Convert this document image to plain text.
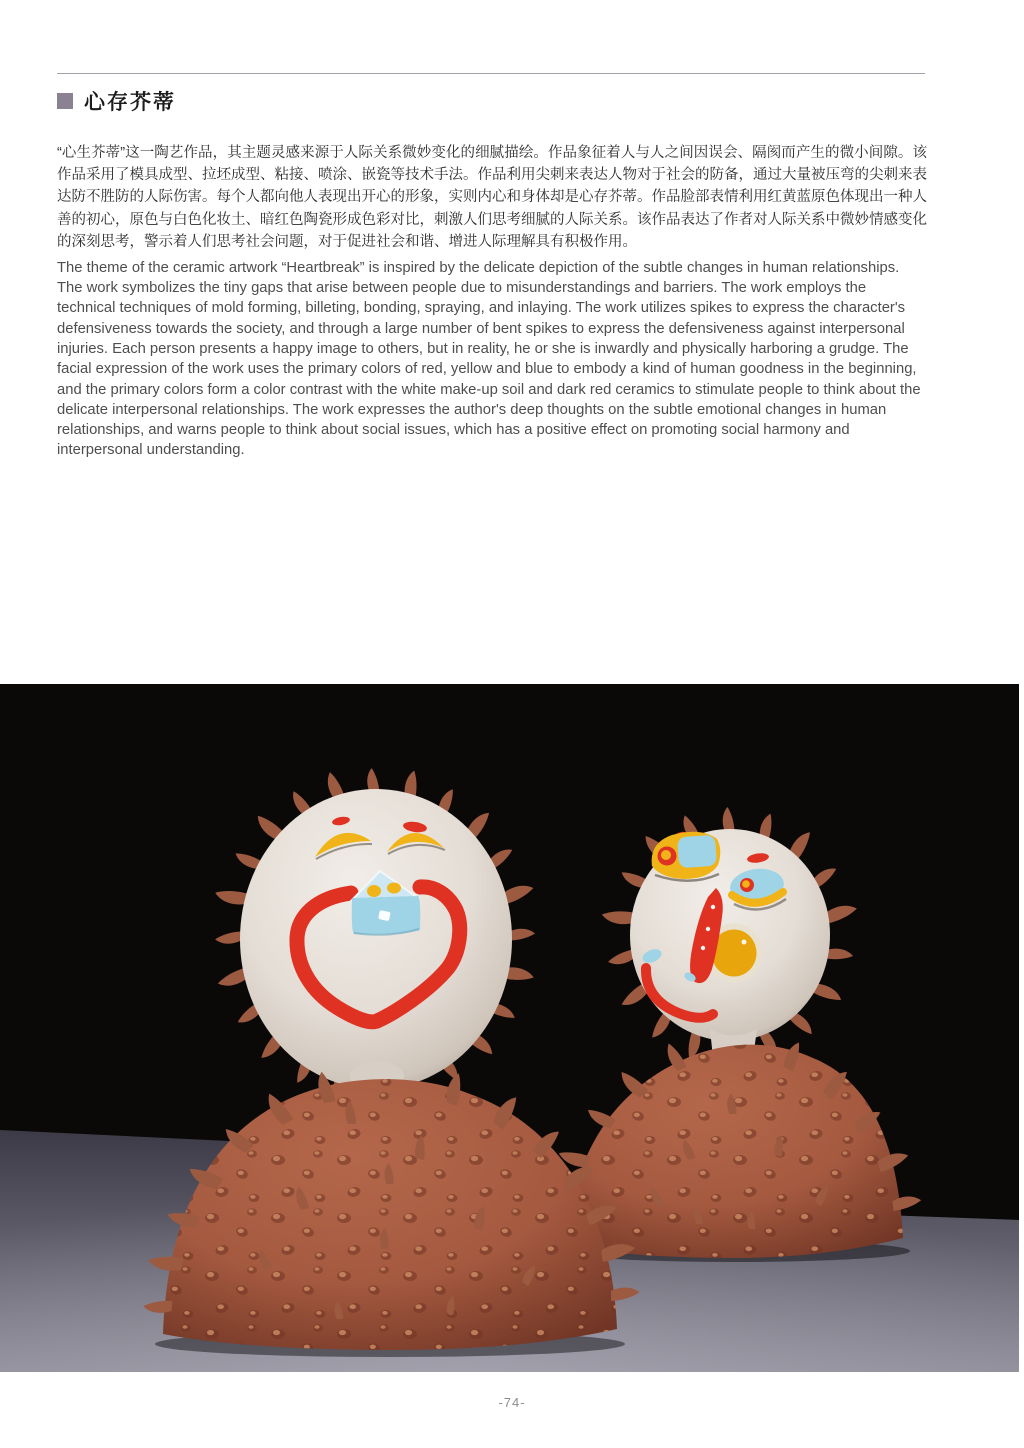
心存芥蒂

“心生芥蒂”这一陶艺作品，其主题灵感来源于人际关系微妙变化的细腻描绘。作品象征着人与人之间因误会、隔阂而产生的微小间隙。该作品采用了模具成型、拉坯成型、粘接、喷涂、嵌瓷等技术手法。作品利用尖刺来表达人物对于社会的防备，通过大量被压弯的尖刺来表达防不胜防的人际伤害。每个人都向他人表现出开心的形象，实则内心和身体却是心存芥蒂。作品脸部表情利用红黄蓝原色体现出一种人善的初心，原色与白色化妆土、暗红色陶瓷形成色彩对比，刺激人们思考细腻的人际关系。该作品表达了作者对人际关系中微妙情感变化的深刻思考，警示着人们思考社会问题，对于促进社会和谐、增进人际理解具有积极作用。

The theme of the ceramic artwork “Heartbreak” is inspired by the delicate depiction of the subtle changes in human relationships. The work symbolizes the tiny gaps that arise between people due to misunderstandings and barriers. The work employs the technical techniques of mold forming, billeting, bonding, spraying, and inlaying. The work utilizes spikes to express the character's defensiveness towards the society, and through a large number of bent spikes to express the defensiveness against interpersonal injuries. Each person presents a happy image to others, but in reality, he or she is inwardly and physically harboring a grudge. The facial expression of the work uses the primary colors of red, yellow and blue to embody a kind of human goodness in the beginning, and the primary colors form a color contrast with the white make-up soil and dark red ceramics to stimulate people to think about the delicate interpersonal relationships. The work expresses the author's deep thoughts on the subtle emotional changes in human relationships, and warns people to think about social issues, which has a positive effect on promoting social harmony and interpersonal understanding.

-74-
